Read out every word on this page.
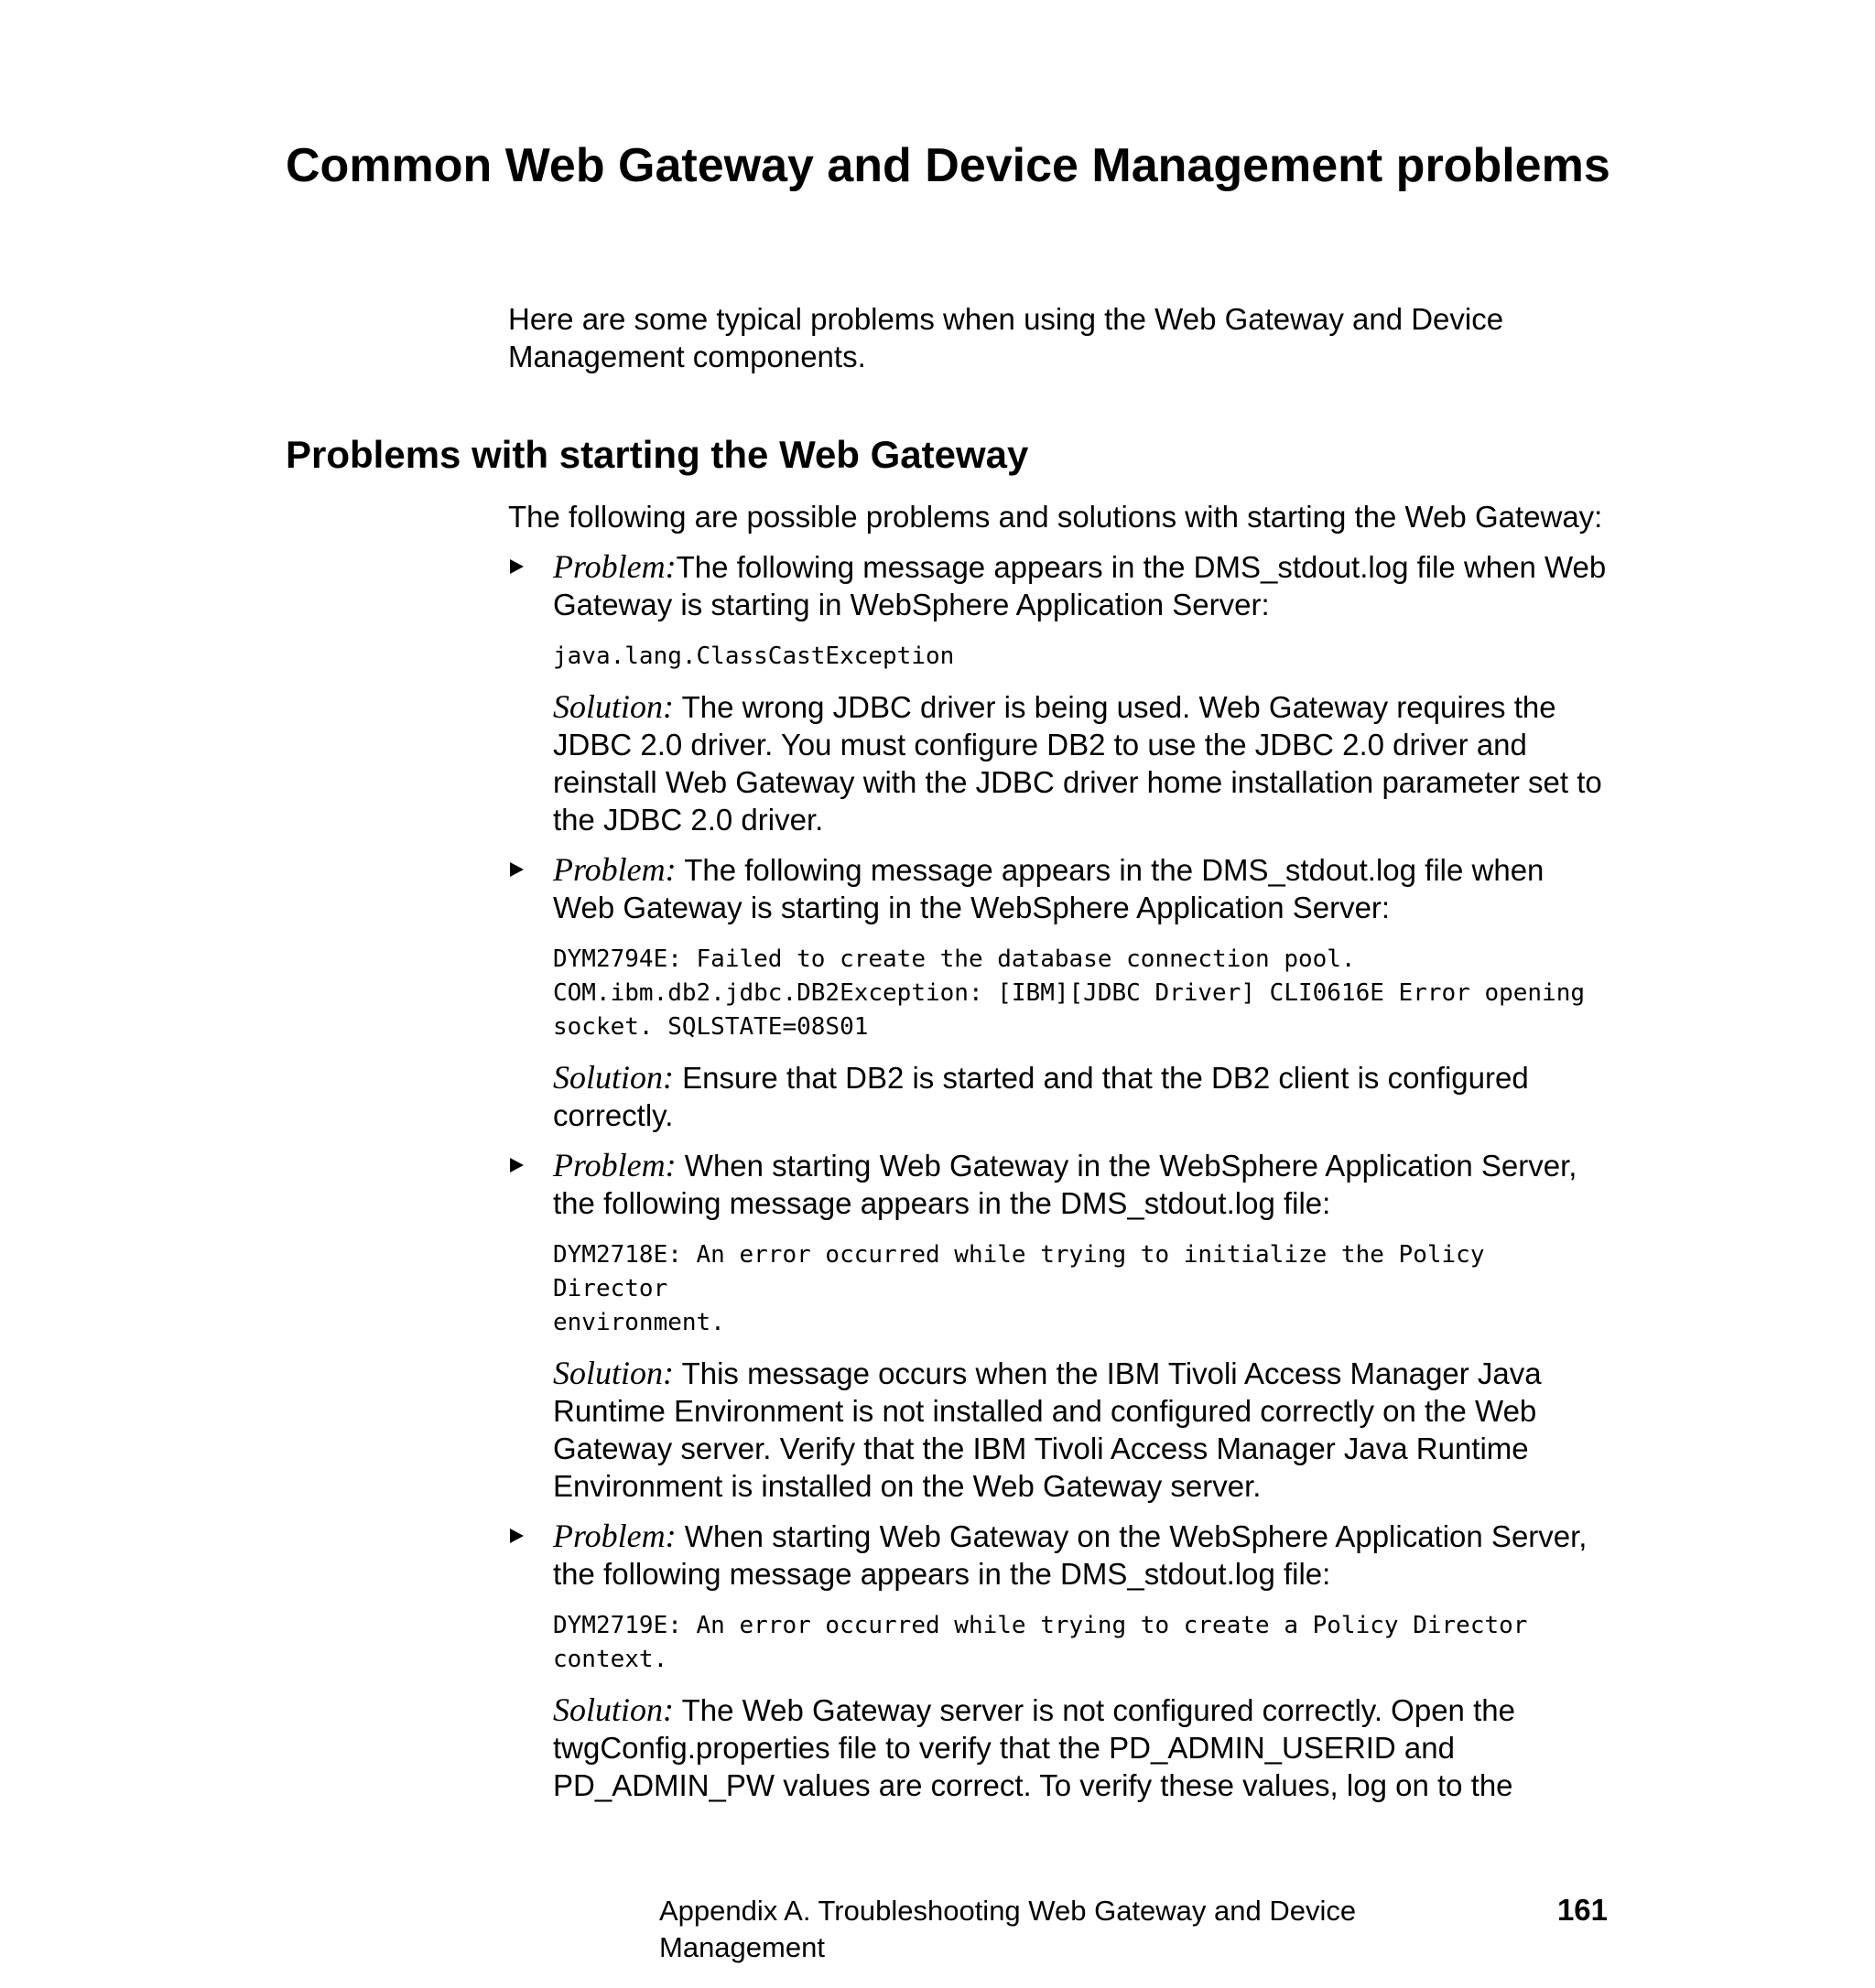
Common Web Gateway and Device Management problems

Here are some typical problems when using the Web Gateway and Device Management components.

Problems with starting the Web Gateway

The following are possible problems and solutions with starting the Web Gateway:

Problem:The following message appears in the DMS_stdout.log file when Web Gateway is starting in WebSphere Application Server:

java.lang.ClassCastException

Solution: The wrong JDBC driver is being used. Web Gateway requires the JDBC 2.0 driver. You must configure DB2 to use the JDBC 2.0 driver and reinstall Web Gateway with the JDBC driver home installation parameter set to the JDBC 2.0 driver.

Problem: The following message appears in the DMS_stdout.log file when Web Gateway is starting in the WebSphere Application Server:

DYM2794E: Failed to create the database connection pool.
COM.ibm.db2.jdbc.DB2Exception: [IBM][JDBC Driver] CLI0616E Error opening
socket. SQLSTATE=08S01

Solution: Ensure that DB2 is started and that the DB2 client is configured correctly.

Problem: When starting Web Gateway in the WebSphere Application Server, the following message appears in the DMS_stdout.log file:

DYM2718E: An error occurred while trying to initialize the Policy Director
environment.

Solution: This message occurs when the IBM Tivoli Access Manager Java Runtime Environment is not installed and configured correctly on the Web Gateway server. Verify that the IBM Tivoli Access Manager Java Runtime Environment is installed on the Web Gateway server.

Problem: When starting Web Gateway on the WebSphere Application Server, the following message appears in the DMS_stdout.log file:

DYM2719E: An error occurred while trying to create a Policy Director
context.

Solution: The Web Gateway server is not configured correctly. Open the twgConfig.properties file to verify that the PD_ADMIN_USERID and PD_ADMIN_PW values are correct. To verify these values, log on to the

Appendix A. Troubleshooting Web Gateway and Device Management
161
